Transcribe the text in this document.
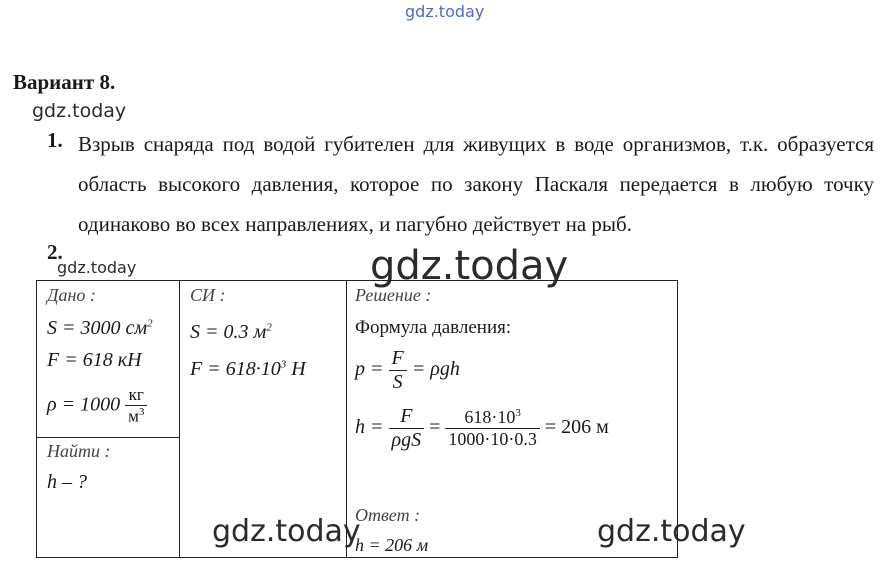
gdz.today
gdz.today
gdz.today	gdz.today
Вариант 8.
1. Взрыв снаряда под водой губителен для живущих в воде организмов, т.к. образуется область высокого давления, которое по закону Паскаля передается в любую точку одинаково во всех направлениях, и пагубно действует на рыб.
2.
Дано :
S = 3000 $см^2$
F = 618 кН
$\rho = 1000 \frac{кг}{м^3}$
Найти :
h – ?
СИ :
S = 0.3 $м^2$
$F = 618\cdot 10^3$ Н
Решение :
Формула давления:
$p = \frac{F}{S} = \rho gh$
$h = \frac{F}{\text{ρgS}} = \frac{618\cdot 10^3}{1000\cdot 10\cdot 0.3} = 206$ м
Ответ :
h = 206 м
gdz.today	gdz.today
